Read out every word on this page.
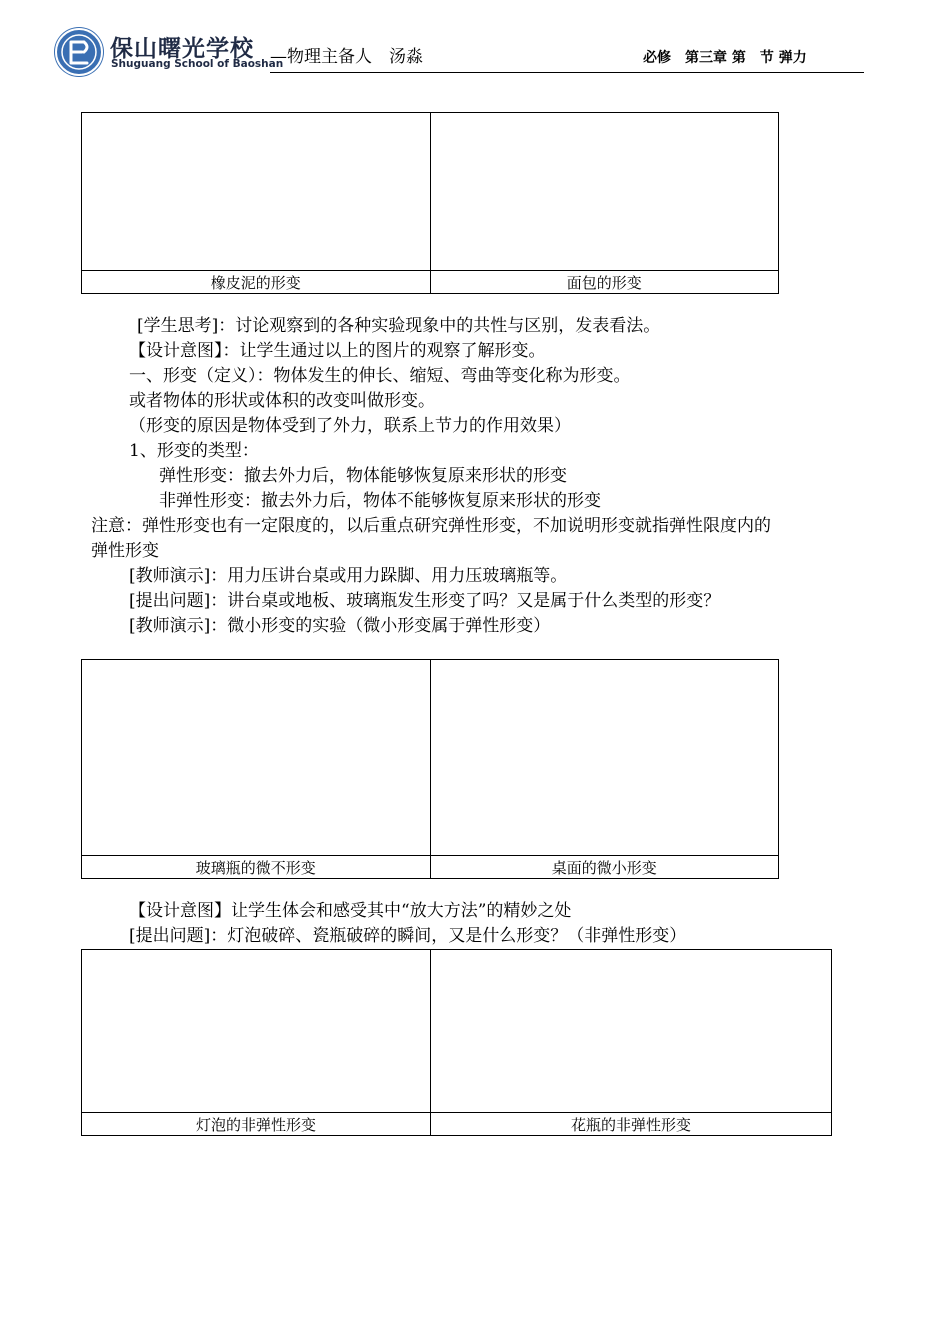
保山曙光学校
Shuguang School of Baoshan
—物理主备人　汤淼	必修　第三章 第　节 弹力

橡皮泥的形变	面包的形变
[学生思考]：讨论观察到的各种实验现象中的共性与区别，发表看法。
【设计意图】：让学生通过以上的图片的观察了解形变。
一、形变（定义）：物体发生的伸长、缩短、弯曲等变化称为形变。
或者物体的形状或体积的改变叫做形变。
（形变的原因是物体受到了外力，联系上节力的作用效果）
1、形变的类型：
弹性形变：撤去外力后，物体能够恢复原来形状的形变
非弹性形变：撤去外力后，物体不能够恢复原来形状的形变
注意：弹性形变也有一定限度的，以后重点研究弹性形变，不加说明形变就指弹性限度内的
弹性形变
[教师演示]：用力压讲台桌或用力跺脚、用力压玻璃瓶等。
[提出问题]：讲台桌或地板、玻璃瓶发生形变了吗？又是属于什么类型的形变？
[教师演示]：微小形变的实验（微小形变属于弹性形变）

玻璃瓶的微不形变	桌面的微小形变
【设计意图】让学生体会和感受其中“放大方法”的精妙之处
[提出问题]：灯泡破碎、瓷瓶破碎的瞬间，又是什么形变？（非弹性形变）

灯泡的非弹性形变	花瓶的非弹性形变
